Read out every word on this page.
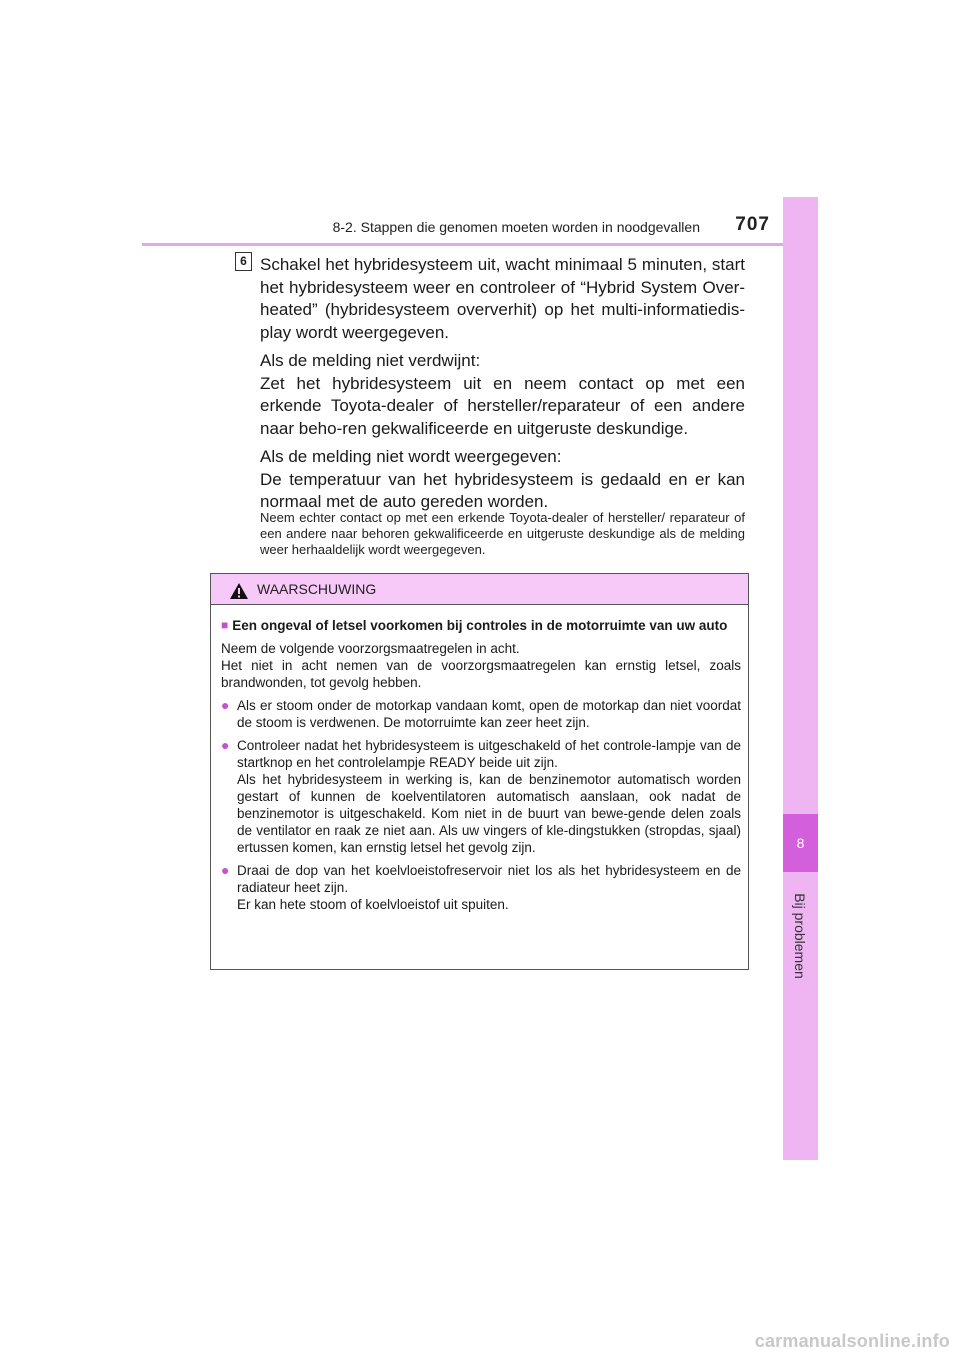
8-2. Stappen die genomen moeten worden in noodgevallen	707
8
Bij problemen
6 Schakel het hybridesysteem uit, wacht minimaal 5 minuten, start het hybridesysteem weer en controleer of “Hybrid System Over-heated” (hybridesysteem oververhit) op het multi-informatiedis-play wordt weergegeven.

Als de melding niet verdwijnt:

Zet het hybridesysteem uit en neem contact op met een erkende Toyota-dealer of hersteller/reparateur of een andere naar beho-ren gekwalificeerde en uitgeruste deskundige.

Als de melding niet wordt weergegeven:

De temperatuur van het hybridesysteem is gedaald en er kan normaal met de auto gereden worden.

Neem echter contact op met een erkende Toyota-dealer of hersteller/ reparateur of een andere naar behoren gekwalificeerde en uitgeruste deskundige als de melding weer herhaaldelijk wordt weergegeven.
WAARSCHUWING
■ Een ongeval of letsel voorkomen bij controles in de motorruimte van uw auto
Neem de volgende voorzorgsmaatregelen in acht.
Het niet in acht nemen van de voorzorgsmaatregelen kan ernstig letsel, zoals brandwonden, tot gevolg hebben.
● Als er stoom onder de motorkap vandaan komt, open de motorkap dan niet voordat de stoom is verdwenen. De motorruimte kan zeer heet zijn.

● Controleer nadat het hybridesysteem is uitgeschakeld of het controle-lampje van de startknop en het controlelampje READY beide uit zijn.

Als het hybridesysteem in werking is, kan de benzinemotor automatisch worden gestart of kunnen de koelventilatoren automatisch aanslaan, ook nadat de benzinemotor is uitgeschakeld. Kom niet in de buurt van bewe-gende delen zoals de ventilator en raak ze niet aan. Als uw vingers of kle-dingstukken (stropdas, sjaal) ertussen komen, kan ernstig letsel het gevolg zijn.

● Draai de dop van het koelvloeistofreservoir niet los als het hybridesysteem en de radiateur heet zijn.

Er kan hete stoom of koelvloeistof uit spuiten.

carmanualsonline.info
